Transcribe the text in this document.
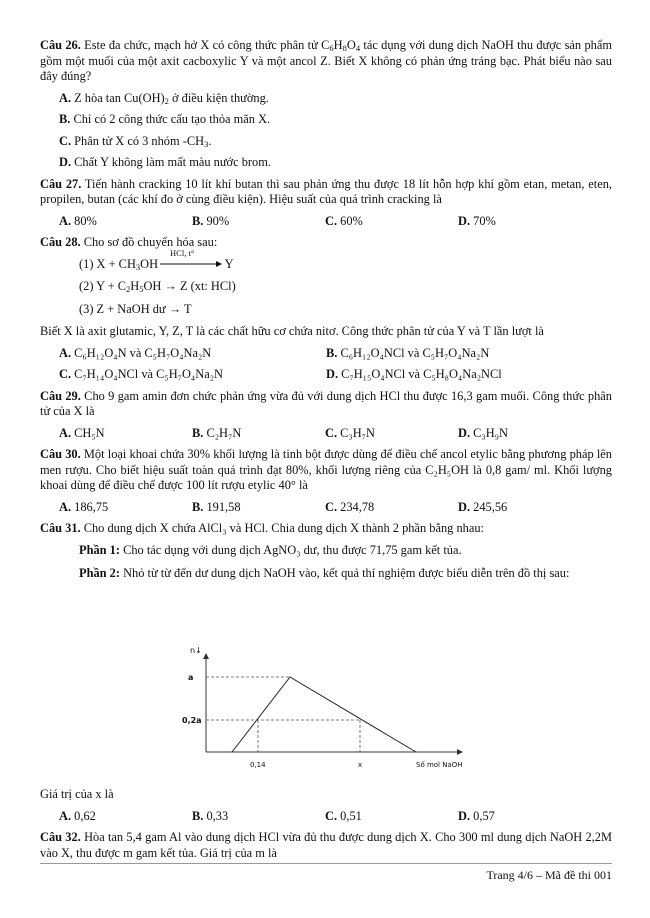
Câu 26. Este đa chức, mạch hở X có công thức phân tử $C_6H_8O_4$ tác dụng với dung dịch NaOH thu được sản phẩm gồm một muối của một axit cacboxylic Y và một ancol Z. Biết X không có phản ứng tráng bạc. Phát biểu nào sau đây đúng?
A. Z hòa $\tan Cu(OH)_2$ ở điều kiện thường.
B. Chỉ có 2 công thức cấu tạo thỏa mãn X.
C. Phân tử X có 3 nhóm $-CH_3$.
D. Chất Y không làm mất màu nước brom.
Câu 27. Tiến hành cracking 10 lít khí butan thì sau phản ứng thu được 18 lít hỗn hợp khí gồm etan, metan, eten, propilen, butan (các khí đo ở cùng điều kiện). Hiệu suất của quá trình cracking là
A. 80%	B. 90%	C. 60%	D. 70%
Câu 28. Cho sơ đồ chuyển hóa sau:
(1) $X + CH_3OH$
HCl, t°
Y
(2) $Y + C_2H_5OH \to Z$ (xt: HCl)
(3) Z + NaOH dư → T
Biết X là axit glutamic, Y, Z, T là các chất hữu cơ chứa nitơ. Công thức phân tử của Y và T lần lượt là
A. C₆H₁₂O₄N và C₅H₇O₄Na₂N	B. C₆H₁₂O₄NCl và C₅H₇O₄Na₂N
C. C₇H₁₄O₄NCl và C₅H₇O₄Na₂N	D. C₇H₁₅O₄NCl và C₅H₈O₄Na₂NCl
Câu 29. Cho 9 gam amin đơn chức phản ứng vừa đủ với dung dịch HCl thu được 16,3 gam muối. Công thức phân tử của X là
A. CH₅N	B. C₂H₇N	C. C₃H₇N	D. C₃H₉N
Câu 30. Một loại khoai chứa 30% khối lượng là tinh bột được dùng để điều chế ancol etylic bằng phương pháp lên men rượu. Cho biết hiệu suất toàn quá trình đạt 80%, khối lượng riêng của C₂H₅OH là 0,8 gam/ ml. Khối lượng khoai dùng để điều chế được 100 lít rượu etylic 40° là
A. 186,75	B. 191,58	C. 234,78	D. 245,56
Câu 31. Cho dung dịch X chứa AlCl₃ và HCl. Chia dung dịch X thành 2 phần bằng nhau:
Phần 1: Cho tác dụng với dung dịch AgNO₃ dư, thu được 71,75 gam kết tủa.
Phần 2: Nhỏ từ từ đến dư dung dịch NaOH vào, kết quả thí nghiệm được biểu diễn trên đồ thị sau:
n↓
a
0,2a
0,14	x	Số mol NaOH
Giá trị của x là
A. 0,62	B. 0,33	C. 0,51	D. 0,57
Câu 32. Hòa tan 5,4 gam Al vào dung dịch HCl vừa đủ thu được dung dịch X. Cho 300 ml dung dịch NaOH 2,2M vào X, thu được m gam kết tủa. Giá trị của m là
Trang 4/6 – Mã đề thi 001
